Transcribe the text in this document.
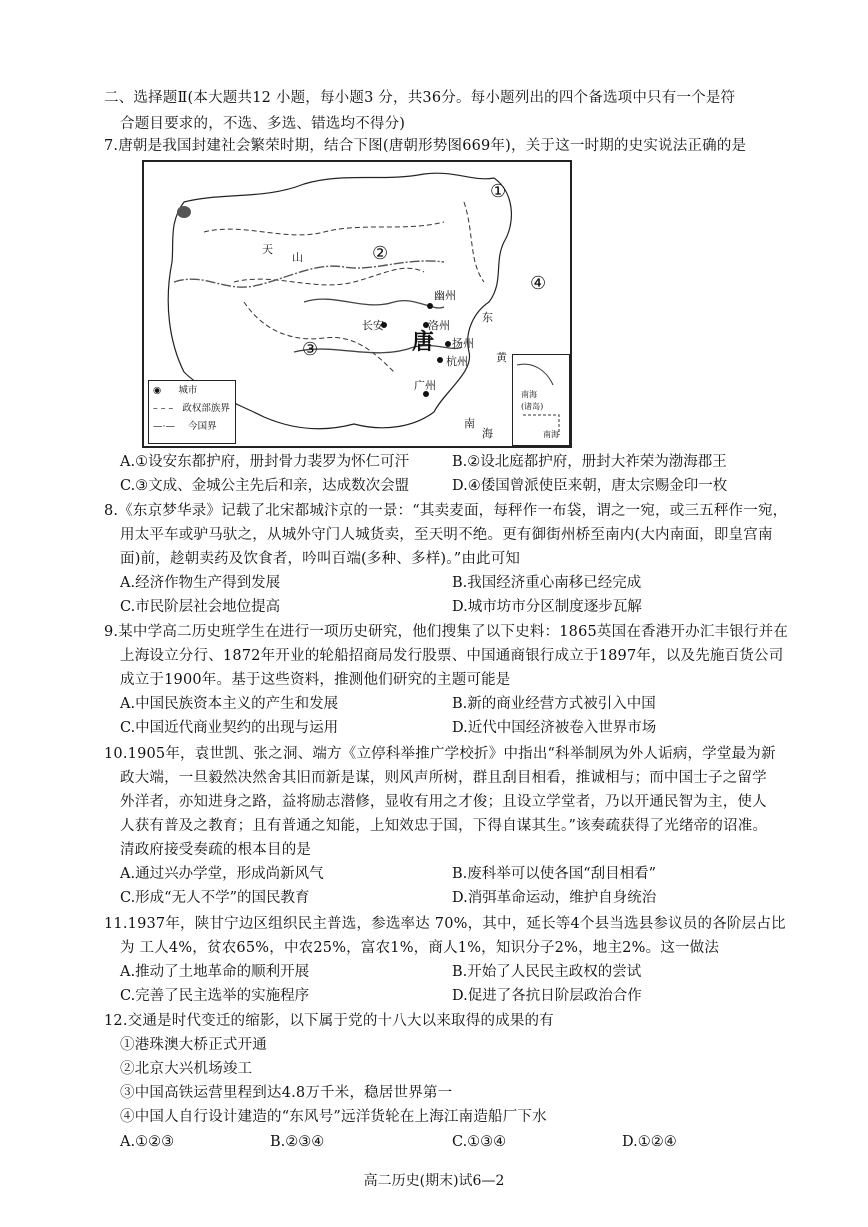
二、选择题Ⅱ(本大题共12 小题，每小题3 分，共36分。每小题列出的四个备选项中只有一个是符
合题目要求的，不选、多选、错选均不得分)
7.唐朝是我国封建社会繁荣时期，结合下图(唐朝形势图669年)，关于这一时期的史实说法正确的是
①
②
③
④
天
山
幽州
长安	洛州
扬州
杭州
广州
东
黄
南
海
唐
◉ 城市
– – – 政权部族界
—·— 今国界
南海
(诸岛)
南海
A.①设安东都护府，册封骨力裴罗为怀仁可汗	B.②设北庭都护府，册封大祚荣为渤海郡王
C.③文成、金城公主先后和亲，达成数次会盟	D.④倭国曾派使臣来朝，唐太宗赐金印一枚
8.《东京梦华录》记载了北宋都城汴京的一景：“其卖麦面，每秤作一布袋，谓之一宛，或三五秤作一宛，
用太平车或驴马驮之，从城外守门人城货卖，至天明不绝。更有御街州桥至南内(大内南面，即皇宫南
面)前，趁朝卖药及饮食者，吟叫百端(多种、多样)。”由此可知
A.经济作物生产得到发展	B.我国经济重心南移已经完成
C.市民阶层社会地位提高	D.城市坊市分区制度逐步瓦解
9.某中学高二历史班学生在进行一项历史研究，他们搜集了以下史料：1865英国在香港开办汇丰银行并在
上海设立分行、1872年开业的轮船招商局发行股票、中国通商银行成立于1897年，以及先施百货公司
成立于1900年。基于这些资料，推测他们研究的主题可能是
A.中国民族资本主义的产生和发展	B.新的商业经营方式被引入中国
C.中国近代商业契约的出现与运用	D.近代中国经济被卷入世界市场
10.1905年，袁世凯、张之洞、端方《立停科举推广学校折》中指出“科举制夙为外人诟病，学堂最为新
政大端，一旦毅然决然舍其旧而新是谋，则风声所树，群且刮目相看，推诚相与；而中国士子之留学
外洋者，亦知进身之路，益将励志潜修，显收有用之才俊；且设立学堂者，乃以开通民智为主，使人
人获有普及之教育；且有普通之知能，上知效忠于国，下得自谋其生。”该奏疏获得了光绪帝的诏准。
清政府接受奏疏的根本目的是
A.通过兴办学堂，形成尚新风气	B.废科举可以使各国“刮目相看”
C.形成“无人不学”的国民教育	D.消弭革命运动，维护自身统治
11.1937年，陕甘宁边区组织民主普选，参选率达 70%，其中，延长等4个县当选县参议员的各阶层占比
为 工人4%，贫农65%，中农25%，富农1%，商人1%，知识分子2%，地主2%。这一做法
A.推动了土地革命的顺利开展	B.开始了人民民主政权的尝试
C.完善了民主选举的实施程序	D.促进了各抗日阶层政治合作
12.交通是时代变迁的缩影，以下属于党的十八大以来取得的成果的有
①港珠澳大桥正式开通
②北京大兴机场竣工
③中国高铁运营里程到达4.8万千米，稳居世界第一
④中国人自行设计建造的“东风号”远洋货轮在上海江南造船厂下水
A.①②③	B.②③④	C.①③④	D.①②④
高二历史(期末)试6—2
